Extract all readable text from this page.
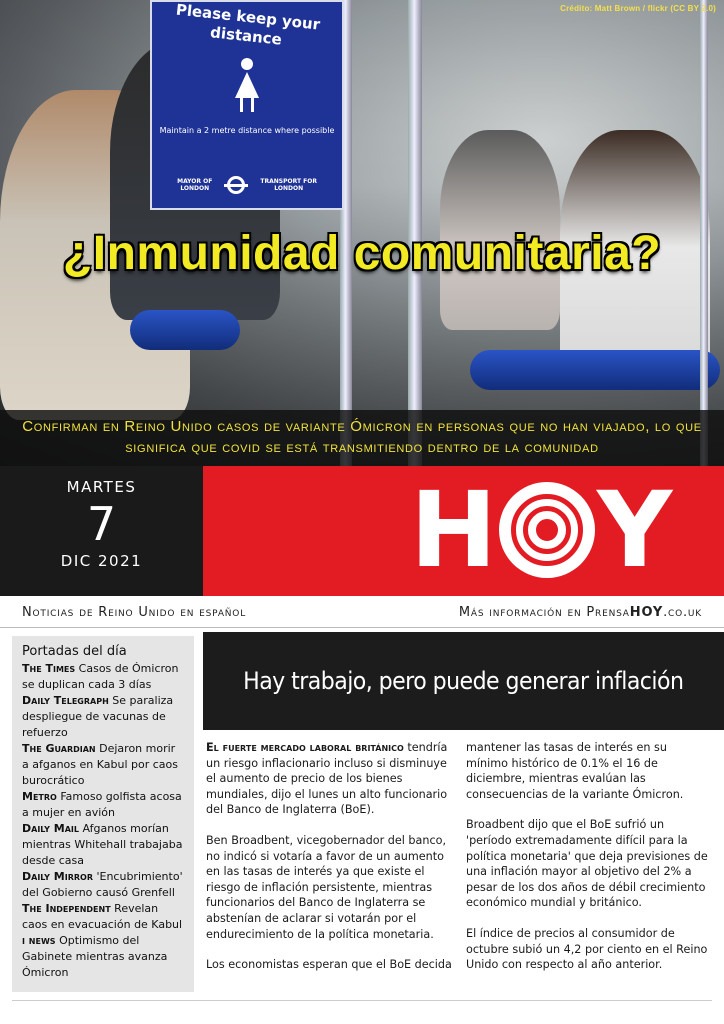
Please keep your distance
Maintain a 2 metre distance where possible
MAYOR OF LONDON
TRANSPORT FOR LONDON
Crédito: Matt Brown / flickr (CC BY 2.0)
¿Inmunidad comunitaria?

Confirman en Reino Unido casos de variante Ómicron en personas que no han viajado, lo que significa que covid se está transmitiendo dentro de la comunidad

MARTES
7
DIC 2021	H Y
Noticias de Reino Unido en español	Más información en PrensaHOY.co.uk
Portadas del día
The Times Casos de Ómicron se duplican cada 3 días
Daily Telegraph Se paraliza despliegue de vacunas de refuerzo
The Guardian Dejaron morir a afganos en Kabul por caos burocrático
Metro Famoso golfista acosa a mujer en avión
Daily Mail Afganos morían mientras Whitehall trabajaba desde casa
Daily Mirror 'Encubrimiento' del Gobierno causó Grenfell
The Independent Revelan caos en evacuación de Kabul
i news Optimismo del Gabinete mientras avanza Ómicron
Hay trabajo, pero puede generar inflación

El fuerte mercado laboral británico tendría un riesgo inflacionario incluso si disminuye el aumento de precio de los bienes mundiales, dijo el lunes un alto funcionario del Banco de Inglaterra (BoE).

Ben Broadbent, vicegobernador del banco, no indicó si votaría a favor de un aumento en las tasas de interés ya que existe el riesgo de inflación persistente, mientras funcionarios del Banco de Inglaterra se abstenían de aclarar si votarán por el endurecimiento de la política monetaria.

Los economistas esperan que el BoE decida

mantener las tasas de interés en su mínimo histórico de 0.1% el 16 de diciembre, mientras evalúan las consecuencias de la variante Ómicron.

Broadbent dijo que el BoE sufrió un 'período extremadamente difícil para la política monetaria' que deja previsiones de una inflación mayor al objetivo del 2% a pesar de los dos años de débil crecimiento económico mundial y británico.

El índice de precios al consumidor de octubre subió un 4,2 por ciento en el Reino Unido con respecto al año anterior.
